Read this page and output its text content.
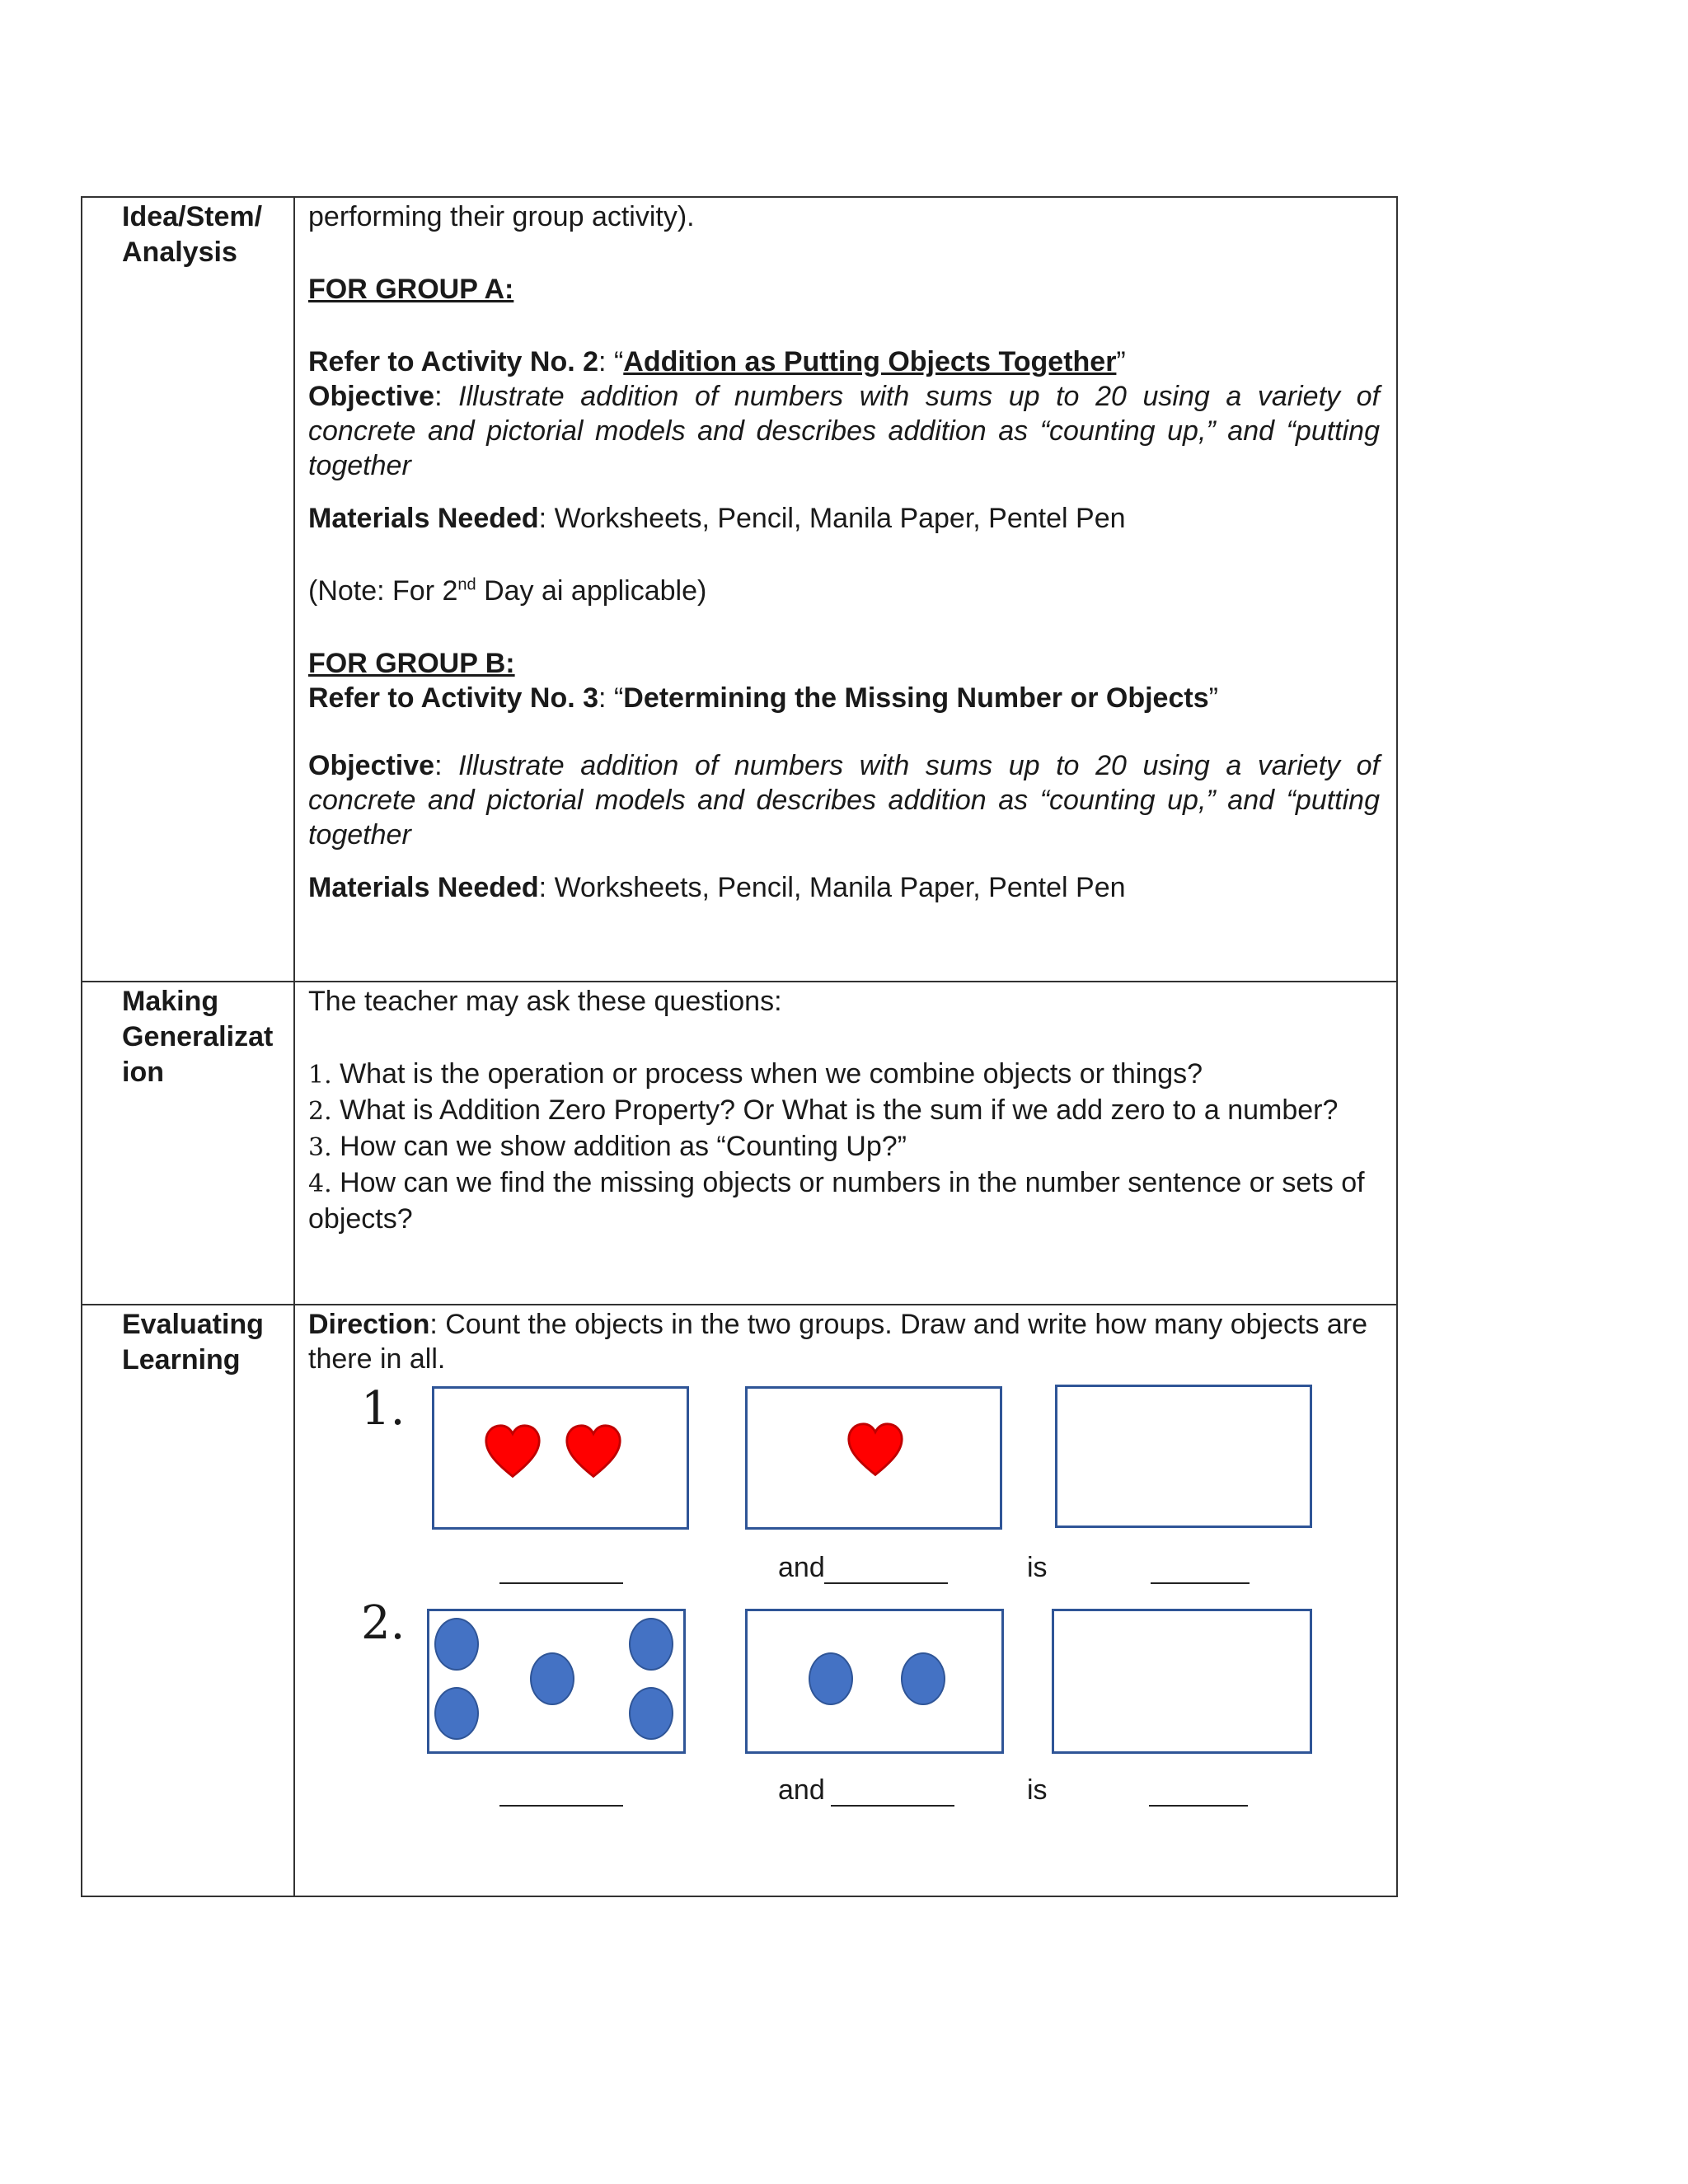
Idea/Stem/
Analysis
performing their group activity).
FOR GROUP A:
Refer to Activity No. 2: “Addition as Putting Objects Together”
Objective: Illustrate addition of numbers with sums up to 20 using a variety of concrete and pictorial models and describes addition as “counting up,” and “putting together
Materials Needed: Worksheets, Pencil, Manila Paper, Pentel Pen
(Note: For 2nd Day ai applicable)
FOR GROUP B:
Refer to Activity No. 3: “Determining the Missing Number or Objects”
Objective: Illustrate addition of numbers with sums up to 20 using a variety of concrete and pictorial models and describes addition as “counting up,” and “putting together
Materials Needed: Worksheets, Pencil, Manila Paper, Pentel Pen
Making
Generalizat
ion
The teacher may ask these questions:
1. What is the operation or process when we combine objects or things?
2. What is Addition Zero Property? Or What is the sum if we add zero to a number?
3. How can we show addition as “Counting Up?”
4. How can we find the missing objects or numbers in the number sentence or sets of objects?
Evaluating
Learning
Direction: Count the objects in the two groups. Draw and write how many objects are there in all.
1.
and	is
2.
and	is
